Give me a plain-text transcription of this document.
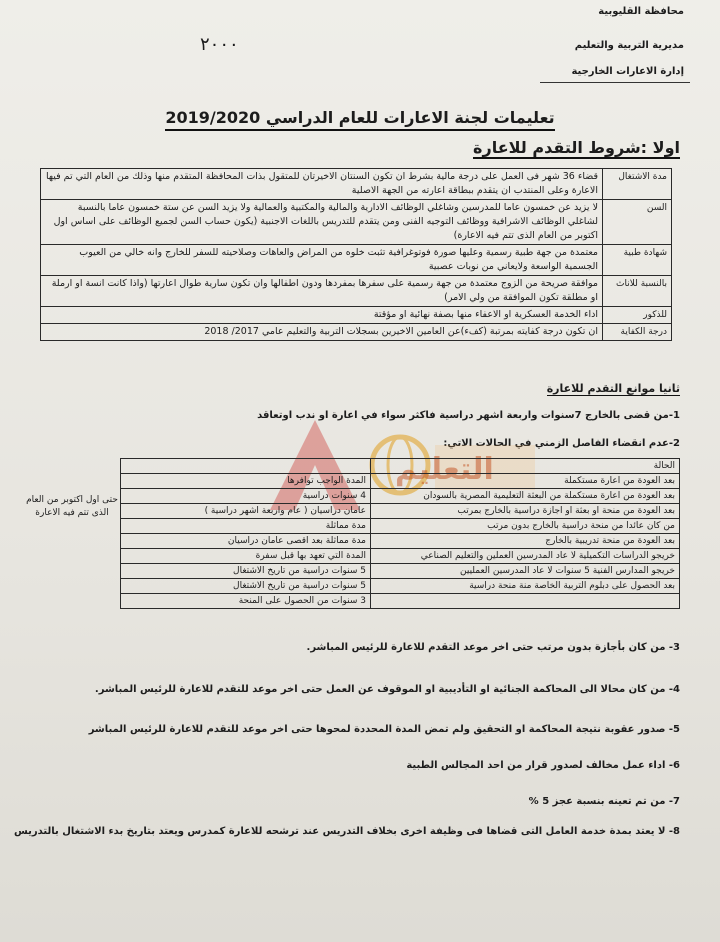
محافظة القليوبية
مديرية التربية والتعليم
إدارة الاعارات الخارجية
٢٠٠٠
تعليمات لجنة الاعارات للعام الدراسي 2019/2020
اولا :شروط التقدم للاعارة
مدة الاشتغال	قضاء 36 شهر فى العمل على درجة مالية بشرط ان تكون السنتان الاخيرتان للمتقول بذات المحافظة المتقدم منها وذلك من العام التي تم فيها الاعارة وعلى المنتدب ان يتقدم ببطاقة اعارته من الجهة الاصلية
السن	لا يزيد عن خمسون عاما للمدرسين وشاغلي الوظائف الادارية والمالية والمكتبية والعمالية ولا يزيد السن عن ستة خمسون عاما بالنسبة لشاغلي الوظائف الاشرافية ووظائف التوجيه الفنى ومن يتقدم للتدريس باللغات الاجنبية (يكون حساب السن لجميع الوظائف على اساس اول اكتوبر من العام الذى تتم فيه الاعارة)
شهادة طبية	معتمدة من جهة طبية رسمية وعليها صورة فوتوغرافية تثبت خلوه من المراض والعاهات وصلاحيته للسفر للخارج وانه خالي من العيوب الجسمية الواسعة ولايعاني من نوبات عصبية
بالنسبة للاناث	موافقة صريحة من الزوج معتمدة من جهة رسمية على سفرها بمفردها ودون اطفالها وان تكون سارية طوال اعارتها (واذا كانت انسة او ارملة او مطلقة تكون الموافقة من ولي الامر)
للذكور	اداء الخدمة العسكرية او الاعفاء منها بصفة نهائية او مؤقتة
درجة الكفاية	ان تكون درجة كفايته بمرتبة (كفء)عن العامين الاخيرين بسجلات التربية والتعليم عامي 2017/ 2018
ثانيا موانع التقدم للاعارة
1-من قضى بالخارج 7سنوات واربعة اشهر دراسية فاكثر سواء في اعارة او ندب اوتعاقد
2-عدم انقضاء الفاصل الزمني في الحالات الاتي:
التعليم	الحالة	
بعد العودة من اعارة مستكملة	المدة الواجب توافرها
بعد العودة من اعارة مستكملة من البعثة التعليمية المصرية بالسودان	4 سنوات دراسية
بعد العودة من منحة او بعثة او اجازة دراسية بالخارج بمرتب	عامان دراسيان ( عام واربعة اشهر دراسية )
من كان عائدا من منحة دراسية بالخارج بدون مرتب	مدة مماثلة
بعد العودة من منحة تدريبية بالخارج	مدة مماثلة بعد اقصى عامان دراسيان
خريجو الدراسات التكميلية لا عاد المدرسين العملين والتعليم الصناعي	المدة التي تعهد بها قبل سفرة
خريجو المدارس الفنية 5 سنوات لا عاد المدرسين العمليين	5 سنوات دراسية من تاريخ الاشتغال
بعد الحصول على دبلوم التربية الخاصة منة منحة دراسية	5 سنوات دراسية من تاريخ الاشتغال
	3 سنوات من الحصول على المنحة
حتى اول اكتوبر من العام الذى تتم فيه الاعارة
3- من كان بأجازة بدون مرتب حتى اخر موعد التقدم للاعارة للرئيس المباشر.
4- من كان محالا الى المحاكمة الجنائية او التأديبية او الموقوف عن العمل حتى اخر موعد للتقدم للاعارة للرئيس المباشر.
5- صدور عقوبة نتيجة المحاكمة او التحقيق ولم تمض المدة المحددة لمحوها حتى اخر موعد للتقدم للاعارة للرئيس المباشر
6- اداء عمل مخالف لصدور قرار من احد المجالس الطبية
7- من تم تعينه بنسبة عجز 5 %
8- لا يعتد بمدة خدمة العامل التى قضاها فى وظيفة اخرى بخلاف التدريس عند ترشحه للاعارة كمدرس ويعتد بتاريخ بدء الاشتغال بالتدريس
